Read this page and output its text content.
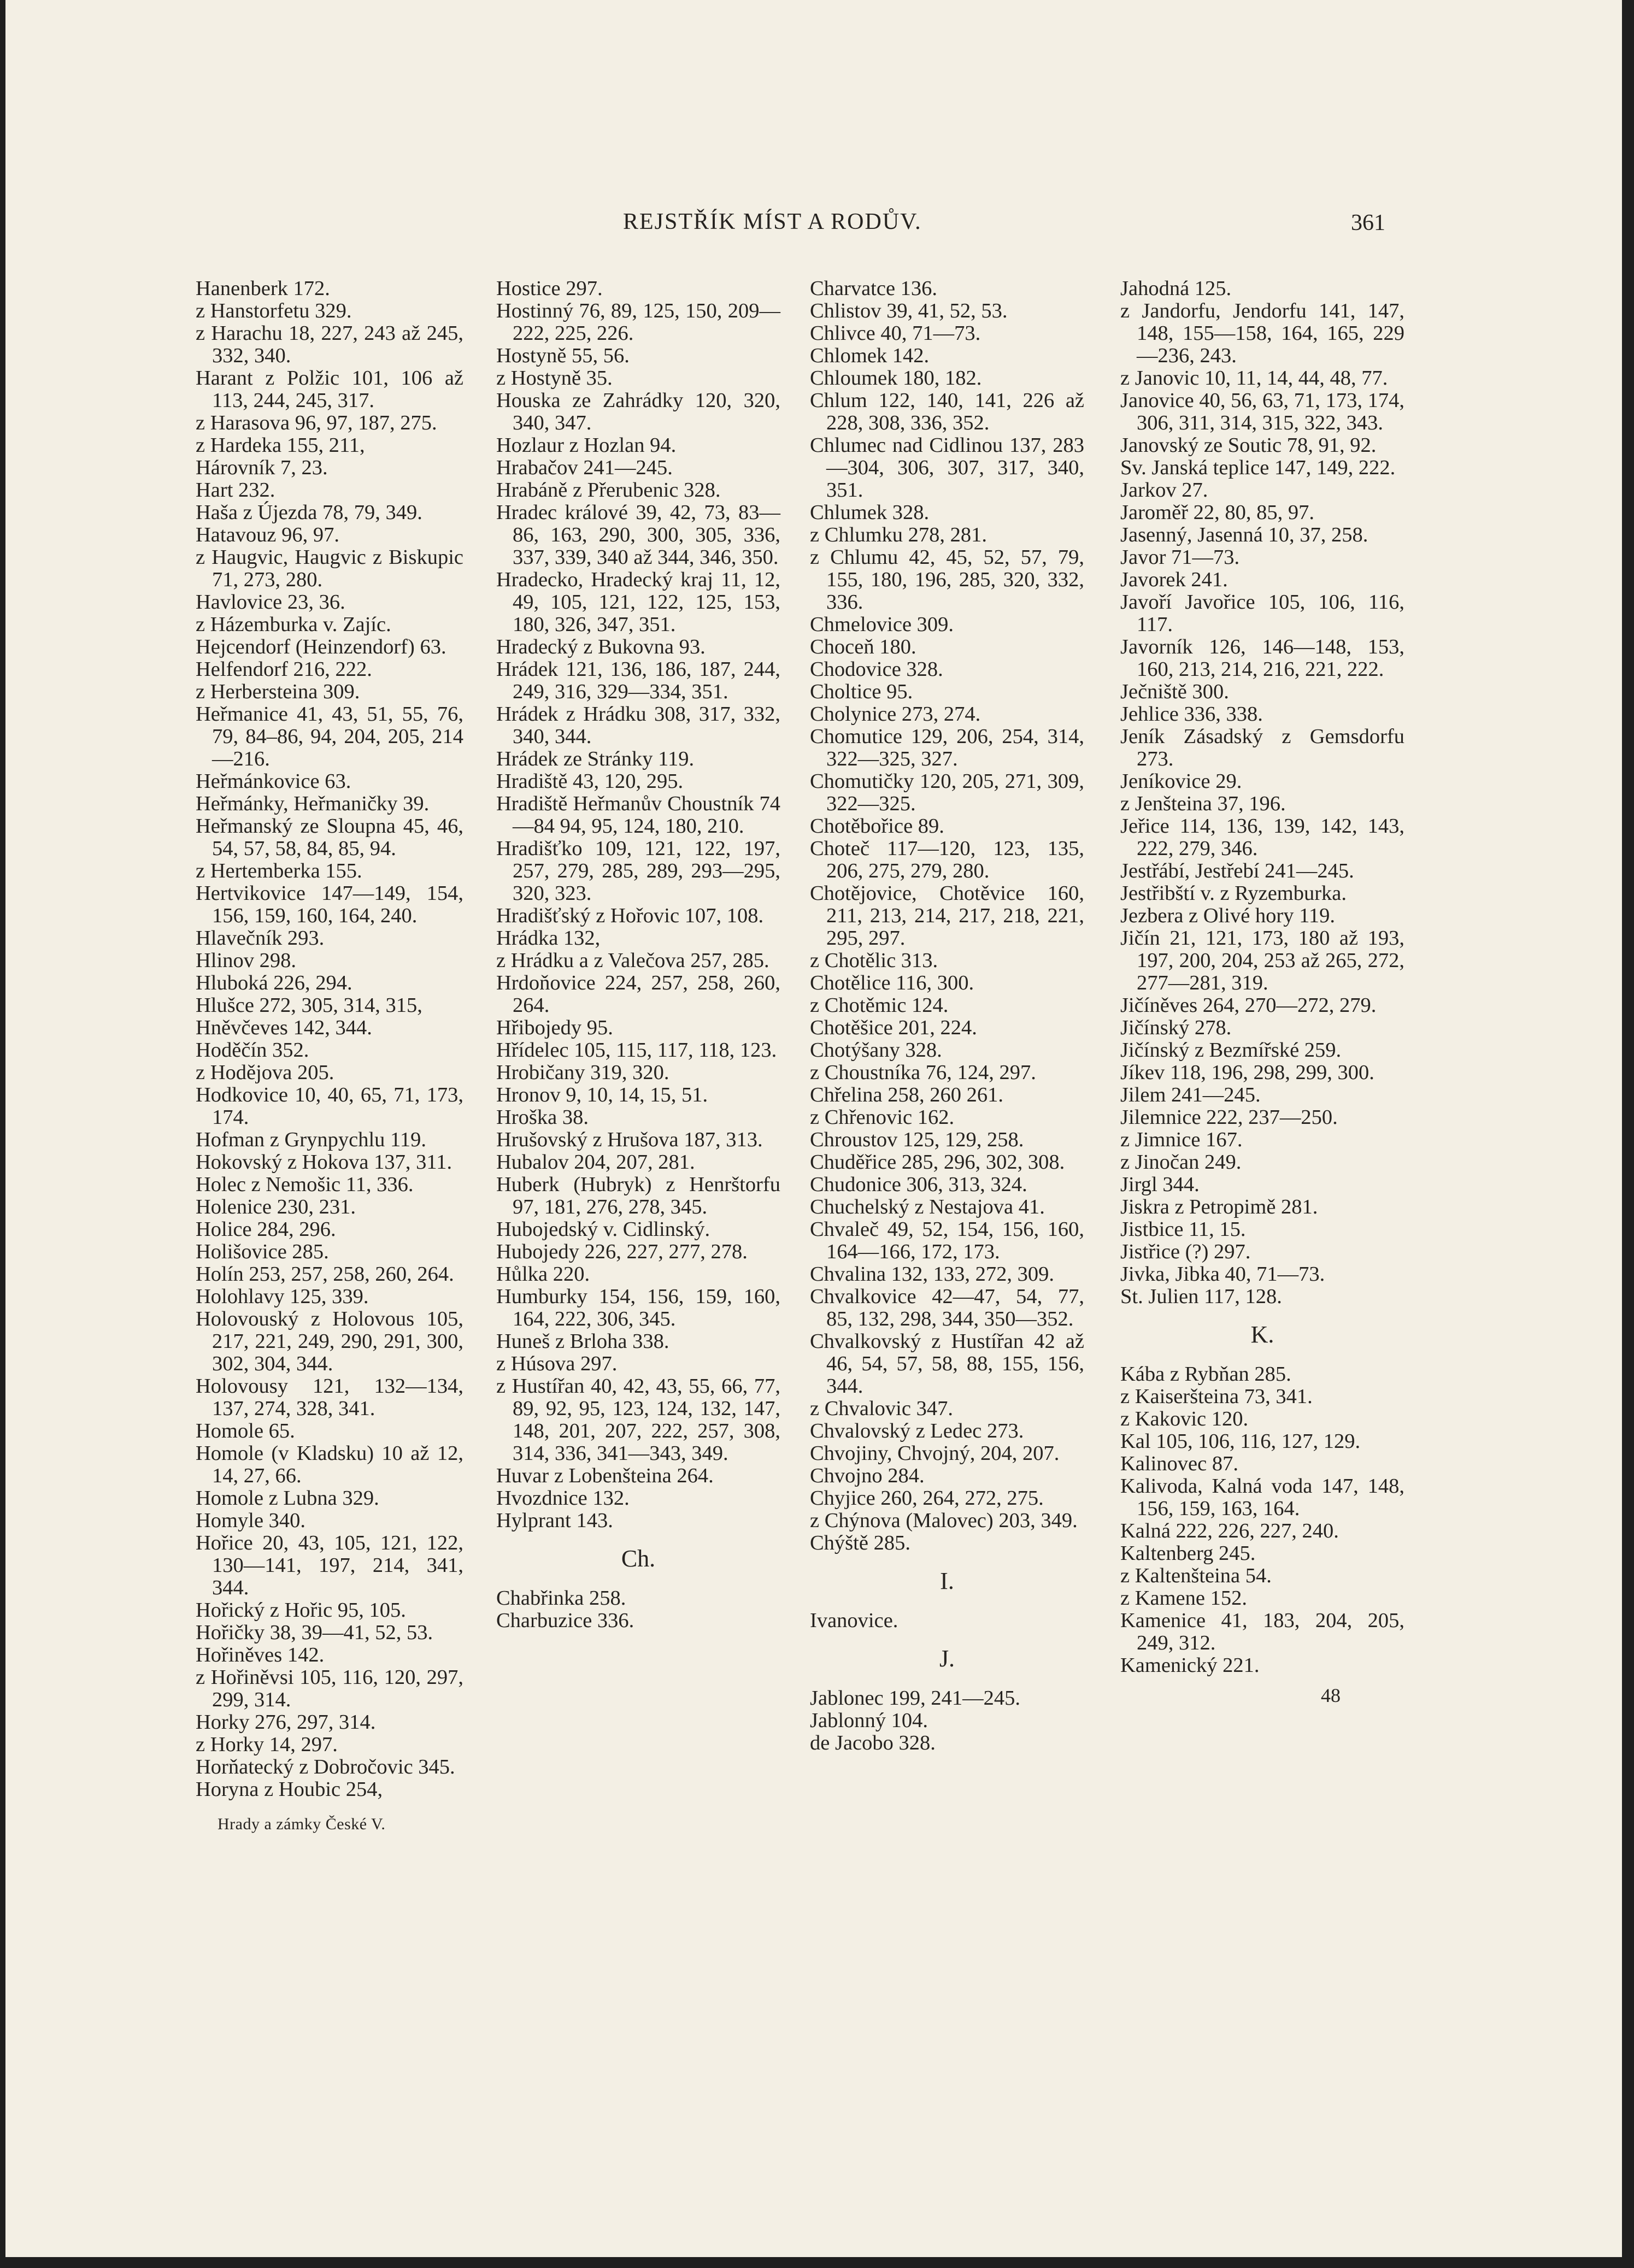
REJSTŘÍK MÍST A RODŮV.	361

Hanenberk 172.

z Hanstorfetu 329.

z Harachu 18, 227, 243 až 245, 332, 340.

Harant z Polžic 101, 106 až 113, 244, 245, 317.

z Harasova 96, 97, 187, 275.

z Hardeka 155, 211,

Hárovník 7, 23.

Hart 232.

Haša z Újezda 78, 79, 349.

Hatavouz 96, 97.

z Haugvic, Haugvic z Biskupic 71, 273, 280.

Havlovice 23, 36.

z Házemburka v. Zajíc.

Hejcendorf (Heinzendorf) 63.

Helfendorf 216, 222.

z Herbersteina 309.

Heřmanice 41, 43, 51, 55, 76, 79, 84–86, 94, 204, 205, 214—216.

Heřmánkovice 63.

Heřmánky, Heřmaničky 39.

Heřmanský ze Sloupna 45, 46, 54, 57, 58, 84, 85, 94.

z Hertemberka 155.

Hertvikovice 147—149, 154, 156, 159, 160, 164, 240.

Hlavečník 293.

Hlinov 298.

Hluboká 226, 294.

Hlušce 272, 305, 314, 315,

Hněvčeves 142, 344.

Hoděčín 352.

z Hodějova 205.

Hodkovice 10, 40, 65, 71, 173, 174.

Hofman z Grynpychlu 119.

Hokovský z Hokova 137, 311.

Holec z Nemošic 11, 336.

Holenice 230, 231.

Holice 284, 296.

Holišovice 285.

Holín 253, 257, 258, 260, 264.

Holohlavy 125, 339.

Holovouský z Holovous 105, 217, 221, 249, 290, 291, 300, 302, 304, 344.

Holovousy 121, 132—134, 137, 274, 328, 341.

Homole 65.

Homole (v Kladsku) 10 až 12, 14, 27, 66.

Homole z Lubna 329.

Homyle 340.

Hořice 20, 43, 105, 121, 122, 130—141, 197, 214, 341, 344.

Hořický z Hořic 95, 105.

Hořičky 38, 39—41, 52, 53.

Hořiněves 142.

z Hořiněvsi 105, 116, 120, 297, 299, 314.

Horky 276, 297, 314.

z Horky 14, 297.

Horňatecký z Dobročovic 345.

Horyna z Houbic 254,

Hrady a zámky České V.

Hostice 297.

Hostinný 76, 89, 125, 150, 209—222, 225, 226.

Hostyně 55, 56.

z Hostyně 35.

Houska ze Zahrádky 120, 320, 340, 347.

Hozlaur z Hozlan 94.

Hrabačov 241—245.

Hrabáně z Přerubenic 328.

Hradec králové 39, 42, 73, 83—86, 163, 290, 300, 305, 336, 337, 339, 340 až 344, 346, 350.

Hradecko, Hradecký kraj 11, 12, 49, 105, 121, 122, 125, 153, 180, 326, 347, 351.

Hradecký z Bukovna 93.

Hrádek 121, 136, 186, 187, 244, 249, 316, 329—334, 351.

Hrádek z Hrádku 308, 317, 332, 340, 344.

Hrádek ze Stránky 119.

Hradiště 43, 120, 295.

Hradiště Heřmanův Choustník 74—84 94, 95, 124, 180, 210.

Hradišťko 109, 121, 122, 197, 257, 279, 285, 289, 293—295, 320, 323.

Hradišťský z Hořovic 107, 108.

Hrádka 132,

z Hrádku a z Valečova 257, 285.

Hrdoňovice 224, 257, 258, 260, 264.

Hřibojedy 95.

Hřídelec 105, 115, 117, 118, 123.

Hrobičany 319, 320.

Hronov 9, 10, 14, 15, 51.

Hroška 38.

Hrušovský z Hrušova 187, 313.

Hubalov 204, 207, 281.

Huberk (Hubryk) z Henrštorfu 97, 181, 276, 278, 345.

Hubojedský v. Cidlinský.

Hubojedy 226, 227, 277, 278.

Hůlka 220.

Humburky 154, 156, 159, 160, 164, 222, 306, 345.

Huneš z Brloha 338.

z Húsova 297.

z Hustířan 40, 42, 43, 55, 66, 77, 89, 92, 95, 123, 124, 132, 147, 148, 201, 207, 222, 257, 308, 314, 336, 341—343, 349.

Huvar z Lobenšteina 264.

Hvozdnice 132.

Hylprant 143.

Ch.

Chabřinka 258.

Charbuzice 336.

Charvatce 136.

Chlistov 39, 41, 52, 53.

Chlivce 40, 71—73.

Chlomek 142.

Chloumek 180, 182.

Chlum 122, 140, 141, 226 až 228, 308, 336, 352.

Chlumec nad Cidlinou 137, 283—304, 306, 307, 317, 340, 351.

Chlumek 328.

z Chlumku 278, 281.

z Chlumu 42, 45, 52, 57, 79, 155, 180, 196, 285, 320, 332, 336.

Chmelovice 309.

Choceň 180.

Chodovice 328.

Choltice 95.

Cholynice 273, 274.

Chomutice 129, 206, 254, 314, 322—325, 327.

Chomutičky 120, 205, 271, 309, 322—325.

Chotěbořice 89.

Choteč 117—120, 123, 135, 206, 275, 279, 280.

Chotějovice, Chotěvice 160, 211, 213, 214, 217, 218, 221, 295, 297.

z Chotělic 313.

Chotělice 116, 300.

z Chotěmic 124.

Chotěšice 201, 224.

Chotýšany 328.

z Choustníka 76, 124, 297.

Chřelina 258, 260 261.

z Chřenovic 162.

Chroustov 125, 129, 258.

Chuděřice 285, 296, 302, 308.

Chudonice 306, 313, 324.

Chuchelský z Nestajova 41.

Chvaleč 49, 52, 154, 156, 160, 164—166, 172, 173.

Chvalina 132, 133, 272, 309.

Chvalkovice 42—47, 54, 77, 85, 132, 298, 344, 350—352.

Chvalkovský z Hustířan 42 až 46, 54, 57, 58, 88, 155, 156, 344.

z Chvalovic 347.

Chvalovský z Ledec 273.

Chvojiny, Chvojný, 204, 207.

Chvojno 284.

Chyjice 260, 264, 272, 275.

z Chýnova (Malovec) 203, 349.

Chýště 285.

I.

Ivanovice.

J.

Jablonec 199, 241—245.

Jablonný 104.

de Jacobo 328.

Jahodná 125.

z Jandorfu, Jendorfu 141, 147, 148, 155—158, 164, 165, 229—236, 243.

z Janovic 10, 11, 14, 44, 48, 77.

Janovice 40, 56, 63, 71, 173, 174, 306, 311, 314, 315, 322, 343.

Janovský ze Soutic 78, 91, 92.

Sv. Janská teplice 147, 149, 222.

Jarkov 27.

Jaroměř 22, 80, 85, 97.

Jasenný, Jasenná 10, 37, 258.

Javor 71—73.

Javorek 241.

Javoří Javořice 105, 106, 116, 117.

Javorník 126, 146—148, 153, 160, 213, 214, 216, 221, 222.

Ječniště 300.

Jehlice 336, 338.

Jeník Zásadský z Gemsdorfu 273.

Jeníkovice 29.

z Jenšteina 37, 196.

Jeřice 114, 136, 139, 142, 143, 222, 279, 346.

Jestřábí, Jestřebí 241—245.

Jestřibští v. z Ryzemburka.

Jezbera z Olivé hory 119.

Jičín 21, 121, 173, 180 až 193, 197, 200, 204, 253 až 265, 272, 277—281, 319.

Jičíněves 264, 270—272, 279.

Jičínský 278.

Jičínský z Bezmířské 259.

Jíkev 118, 196, 298, 299, 300.

Jilem 241—245.

Jilemnice 222, 237—250.

z Jimnice 167.

z Jinočan 249.

Jirgl 344.

Jiskra z Petropimě 281.

Jistbice 11, 15.

Jistřice (?) 297.

Jivka, Jibka 40, 71—73.

St. Julien 117, 128.

K.

Kába z Rybňan 285.

z Kaiseršteina 73, 341.

z Kakovic 120.

Kal 105, 106, 116, 127, 129.

Kalinovec 87.

Kalivoda, Kalná voda 147, 148, 156, 159, 163, 164.

Kalná 222, 226, 227, 240.

Kaltenberg 245.

z Kaltenšteina 54.

z Kamene 152.

Kamenice 41, 183, 204, 205, 249, 312.

Kamenický 221.

48
